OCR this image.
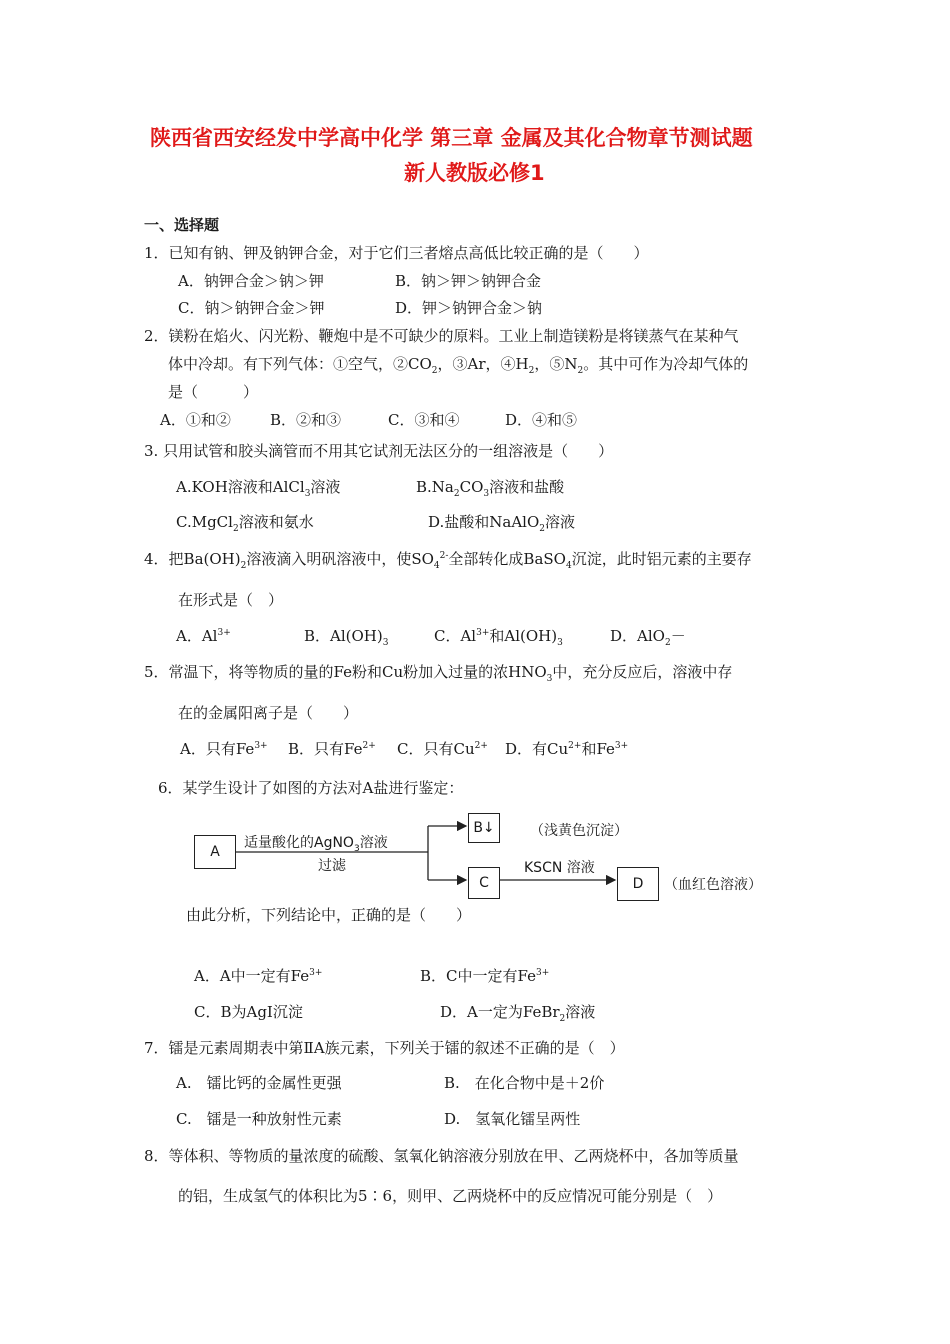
陕西省西安经发中学高中化学 第三章 金属及其化合物章节测试题
新人教版必修1
一、选择题
1．已知有钠、钾及钠钾合金，对于它们三者熔点高低比较正确的是（　　）
A．钠钾合金＞钠＞钾	B．钠＞钾＞钠钾合金
C．钠＞钠钾合金＞钾	D．钾＞钠钾合金＞钠
2．镁粉在焰火、闪光粉、鞭炮中是不可缺少的原料。工业上制造镁粉是将镁蒸气在某种气
体中冷却。有下列气体：①空气，$②CO_2$，③Ar，$④H_2$，$⑤N_2$。其中可作为冷却气体的
是（　　　）
A．①和②	B．②和③	C．③和④	D．④和⑤
3. 只用试管和胶头滴管而不用其它试剂无法区分的一组溶液是（　　）
A.KOH溶液和AlCl$_3$溶液	$B.Na_2CO_3$溶液和盐酸
C.MgCl$_2$溶液和氨水	D.盐酸和NaAlO$_2$溶液
4．把$Ba(OH)_2$溶液滴入明矾溶液中，使$SO_4^{2-}$全部转化成BaSO$_4$沉淀，此时铝元素的主要存
在形式是（　）
A．$Al^{3+}$	B．$Al(OH)_3$	C．$Al^{3+}$和$Al(OH)_3$	D．AlO$_2$－
5．常温下，将等物质的量的Fe粉和Cu粉加入过量的浓$HNO_3$中，充分反应后，溶液中存
在的金属阳离子是（　　）
A．只有$Fe^{3+}$ B．只有$Fe^{2+}$ C．只有$Cu^{2+}$ D．有$Cu^{2+}$和$Fe^{3+}$
6．某学生设计了如图的方法对A盐进行鉴定：
A
B↓
C	D
适量酸化的AgNO$_3$溶液
过滤
（浅黄色沉淀）
KSCN 溶液
（血红色溶液）
由此分析，下列结论中，正确的是（　　）
A．A中一定有$Fe^{3+}$	B．C中一定有$Fe^{3+}$
C．B为AgI沉淀	D．A一定为FeBr$_2$溶液
7．镭是元素周期表中第ⅡA族元素，下列关于镭的叙述不正确的是（　）
A.　镭比钙的金属性更强	B.　在化合物中是＋2价
C.　镭是一种放射性元素	D.　氢氧化镭呈两性
8．等体积、等物质的量浓度的硫酸、氢氧化钠溶液分别放在甲、乙两烧杯中，各加等质量
的铝，生成氢气的体积比为5∶6，则甲、乙两烧杯中的反应情况可能分别是（　）
